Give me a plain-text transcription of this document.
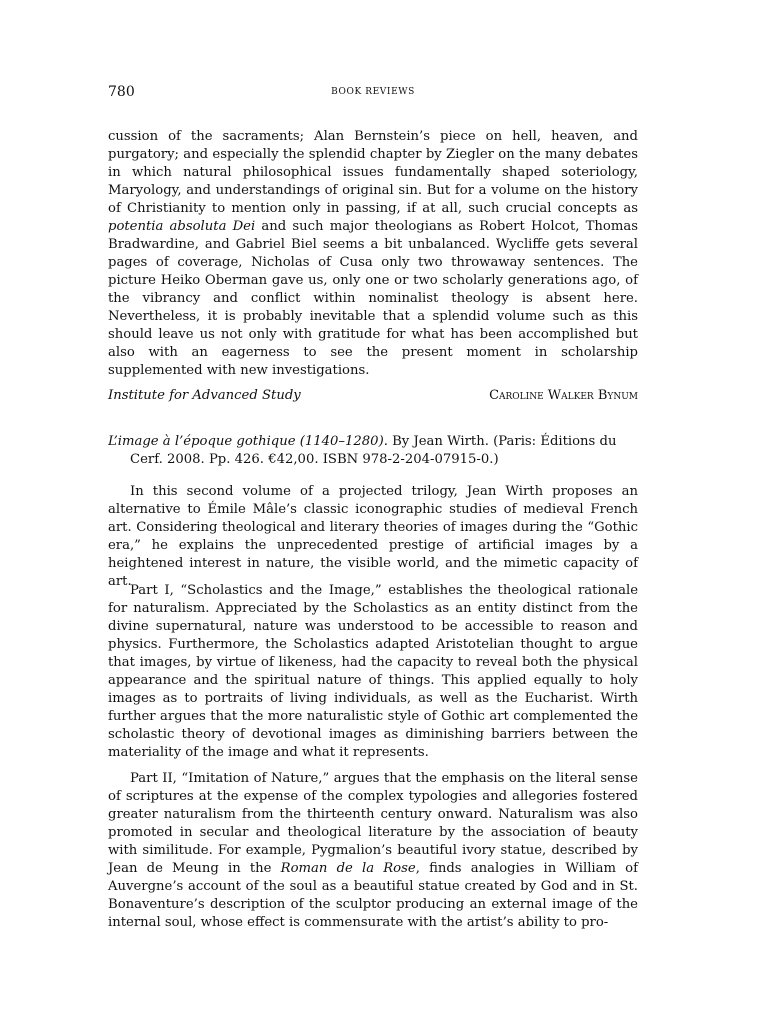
780	BOOK REVIEWS

cussion of the sacraments; Alan Bernstein’s piece on hell, heaven, and purgatory; and especially the splendid chapter by Ziegler on the many debates in which natural philosophical issues fundamentally shaped soteriology, Maryology, and understandings of original sin. But for a volume on the history of Christianity to mention only in passing, if at all, such crucial concepts as potentia absoluta Dei and such major theologians as Robert Holcot, Thomas Bradwardine, and Gabriel Biel seems a bit unbalanced. Wycliffe gets several pages of coverage, Nicholas of Cusa only two throwaway sentences. The picture Heiko Oberman gave us, only one or two scholarly generations ago, of the vibrancy and conflict within nominalist theology is absent here. Nevertheless, it is probably inevitable that a splendid volume such as this should leave us not only with gratitude for what has been accomplished but also with an eagerness to see the present moment in scholarship supplemented with new investigations.

Institute for Advanced Study	Caroline Walker Bynum

L’image à l’époque gothique (1140–1280). By Jean Wirth. (Paris: Éditions du Cerf. 2008. Pp. 426. €42,00. ISBN 978-2-204-07915-0.)

In this second volume of a projected trilogy, Jean Wirth proposes an alternative to Émile Mâle’s classic iconographic studies of medieval French art. Considering theological and literary theories of images during the “Gothic era,” he explains the unprecedented prestige of artificial images by a heightened interest in nature, the visible world, and the mimetic capacity of art.

Part I, “Scholastics and the Image,” establishes the theological rationale for naturalism. Appreciated by the Scholastics as an entity distinct from the divine supernatural, nature was understood to be accessible to reason and physics. Furthermore, the Scholastics adapted Aristotelian thought to argue that images, by virtue of likeness, had the capacity to reveal both the physical appearance and the spiritual nature of things. This applied equally to holy images as to portraits of living individuals, as well as the Eucharist. Wirth further argues that the more naturalistic style of Gothic art complemented the scholastic theory of devotional images as diminishing barriers between the materiality of the image and what it represents.

Part II, “Imitation of Nature,” argues that the emphasis on the literal sense of scriptures at the expense of the complex typologies and allegories fostered greater naturalism from the thirteenth century onward. Naturalism was also promoted in secular and theological literature by the association of beauty with similitude. For example, Pygmalion’s beautiful ivory statue, described by Jean de Meung in the Roman de la Rose, finds analogies in William of Auvergne’s account of the soul as a beautiful statue created by God and in St. Bonaventure’s description of the sculptor producing an external image of the internal soul, whose effect is commensurate with the artist’s ability to pro-
